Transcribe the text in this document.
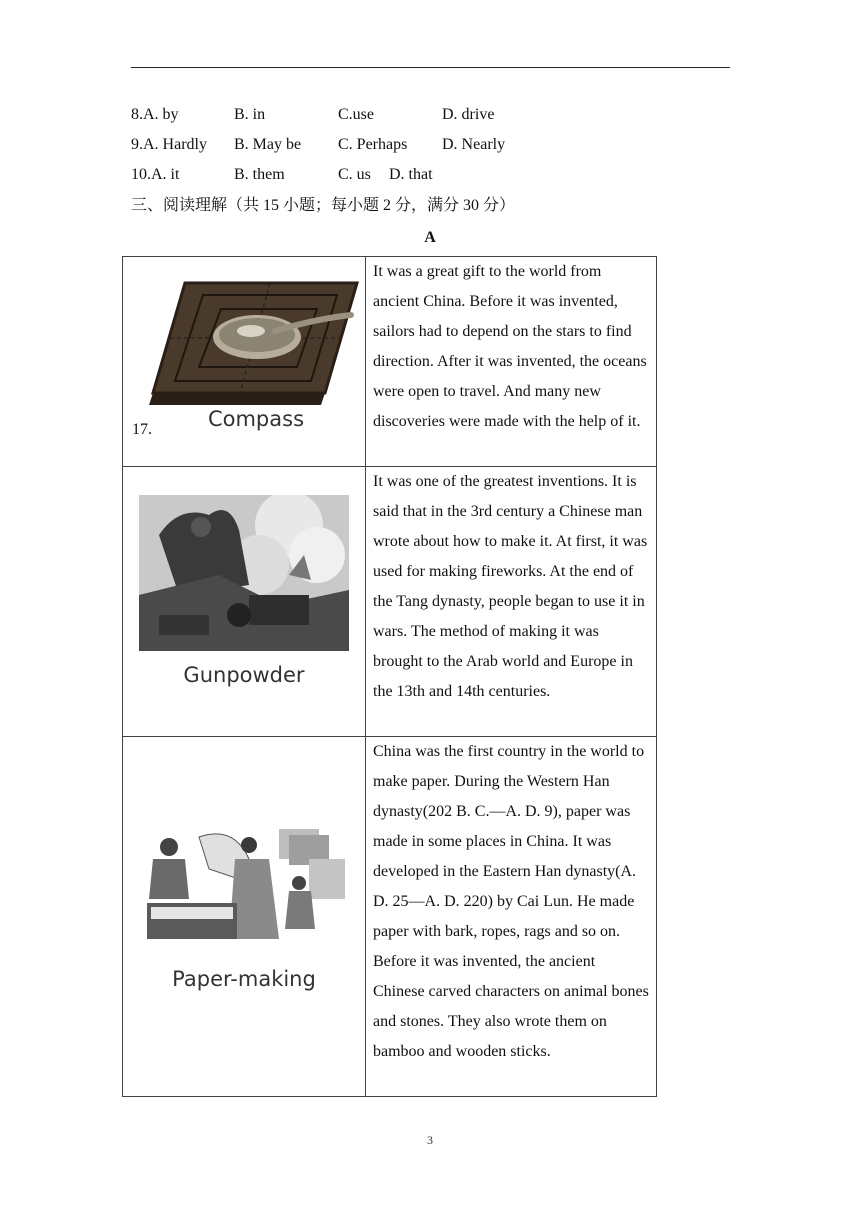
8.A. by	B. in	C.use	D. drive
9.A. Hardly B. May be C. Perhaps D. Nearly
10.A. it	B. them	C. us D. that
三、阅读理解（共 15 小题；每小题 2 分，满分 30 分）
A
17. Compass	It was a great gift to the world from ancient China. Before it was invented, sailors had to depend on the stars to find direction. After it was invented, the oceans were open to travel. And many new discoveries were made with the help of it.

Gunpowder	It was one of the greatest inventions. It is said that in the 3rd century a Chinese man wrote about how to make it. At first, it was used for making fireworks. At the end of the Tang dynasty, people began to use it in wars. The method of making it was brought to the Arab world and Europe in the 13th and 14th centuries.

Paper-making	China was the first country in the world to make paper. During the Western Han dynasty(202 B. C.—A. D. 9), paper was made in some places in China. It was developed in the Eastern Han dynasty(A. D. 25—A. D. 220) by Cai Lun. He made paper with bark, ropes, rags and so on. Before it was invented, the ancient Chinese carved characters on animal bones and stones. They also wrote them on bamboo and wooden sticks.
3
